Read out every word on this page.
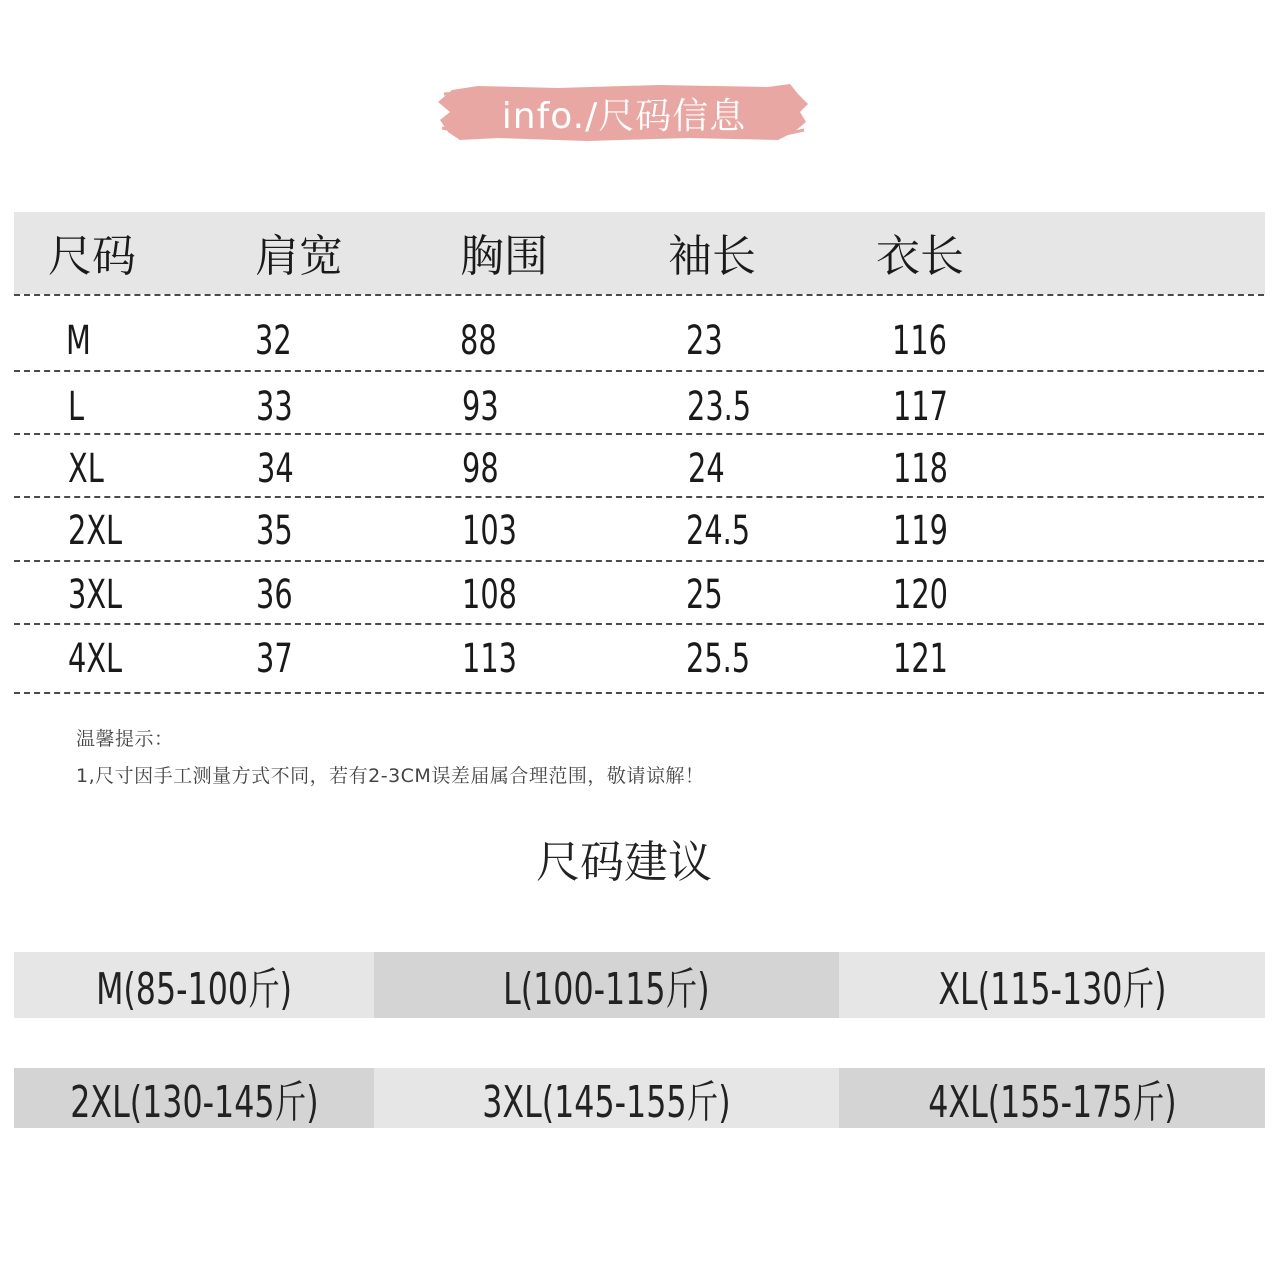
info./尺码信息
尺码	肩宽	胸围	袖长	衣长
M	32	88	23	116
L	33	93	23.5	117
XL	34	98	24	118
2XL	35	103	24.5	119
3XL	36	108	25	120
4XL	37	113	25.5	121
温馨提示：
1,尺寸因手工测量方式不同，若有2-3CM误差届属合理范围，敬请谅解！
尺码建议
M(85-100斤)	L(100-115斤)	XL(115-130斤)
2XL(130-145斤)	3XL(145-155斤)	4XL(155-175斤)
